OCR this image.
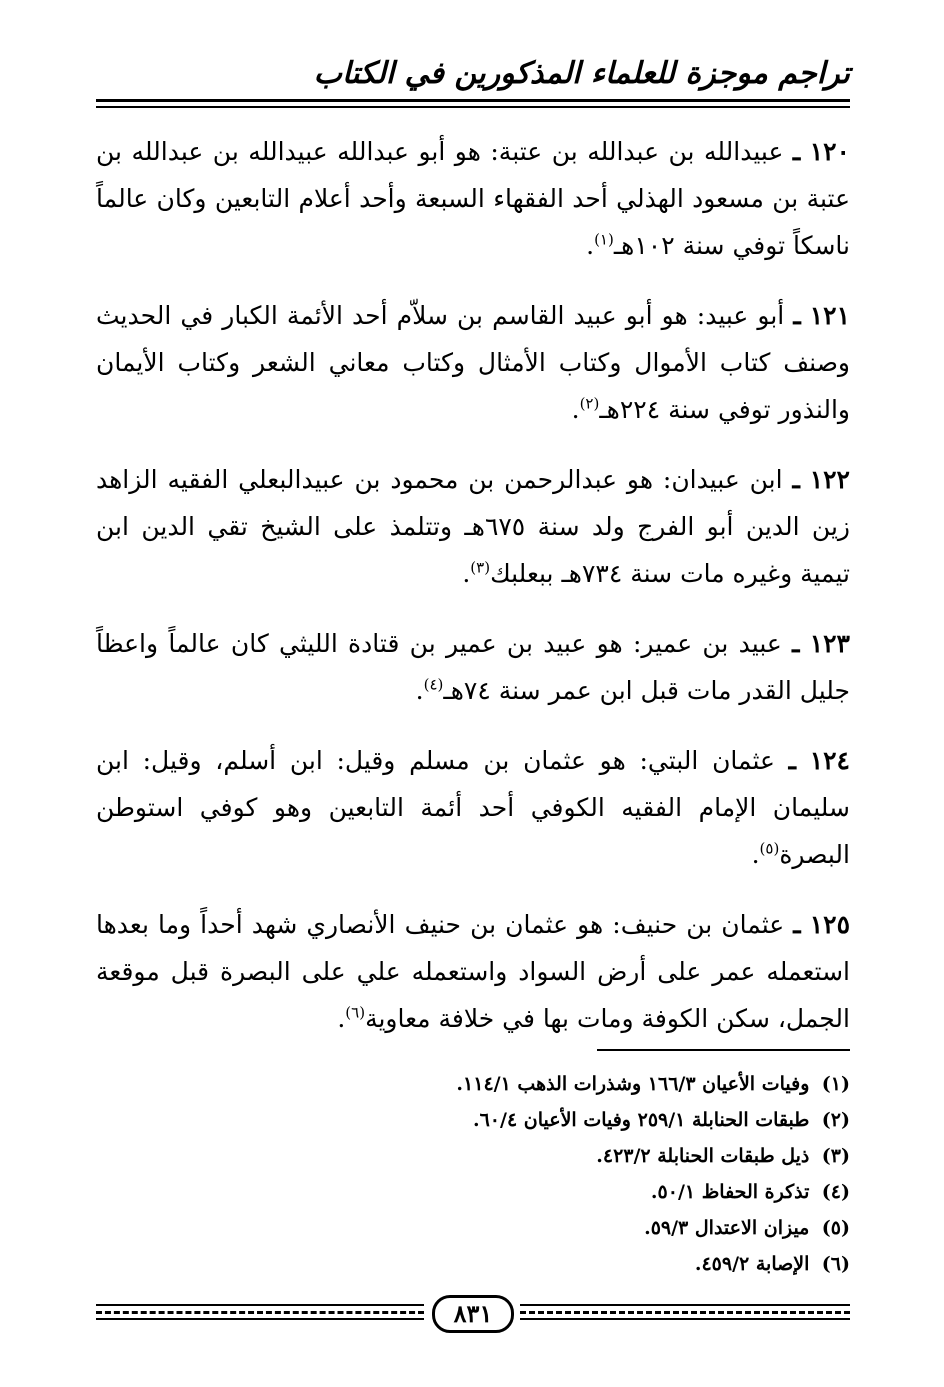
تراجم موجزة للعلماء المذكورين في الكتاب

١٢٠ ـ عبيدالله بن عبدالله بن عتبة: هو أبو عبدالله عبيدالله بن عبدالله بن عتبة بن مسعود الهذلي أحد الفقهاء السبعة وأحد أعلام التابعين وكان عالماً ناسكاً توفي سنة ١٠٢هـ$^{(١)}$.

١٢١ ـ أبو عبيد: هو أبو عبيد القاسم بن سلاّم أحد الأئمة الكبار في الحديث وصنف كتاب الأموال وكتاب الأمثال وكتاب معاني الشعر وكتاب الأيمان والنذور توفي سنة ٢٢٤هـ$^{(٢)}$.

١٢٢ ـ ابن عبيدان: هو عبدالرحمن بن محمود بن عبيدالبعلي الفقيه الزاهد زين الدين أبو الفرج ولد سنة ٦٧٥هـ وتتلمذ على الشيخ تقي الدين ابن تيمية وغيره مات سنة ٧٣٤هـ ببعلبك$^{(٣)}$.

١٢٣ ـ عبيد بن عمير: هو عبيد بن عمير بن قتادة الليثي كان عالماً واعظاً جليل القدر مات قبل ابن عمر سنة ٧٤هـ$^{(٤)}$.

١٢٤ ـ عثمان البتي: هو عثمان بن مسلم وقيل: ابن أسلم، وقيل: ابن سليمان الإمام الفقيه الكوفي أحد أئمة التابعين وهو كوفي استوطن البصرة$^{(٥)}$.

١٢٥ ـ عثمان بن حنيف: هو عثمان بن حنيف الأنصاري شهد أحداً وما بعدها استعمله عمر على أرض السواد واستعمله علي على البصرة قبل موقعة الجمل، سكن الكوفة ومات بها في خلافة معاوية$^{(٦)}$.

(١) وفيات الأعيان ١٦٦/٣ وشذرات الذهب ١١٤/١.
(٢) طبقات الحنابلة ٢٥٩/١ وفيات الأعيان ٦٠/٤.
(٣) ذيل طبقات الحنابلة ٤٢٣/٢.
(٤) تذكرة الحفاظ ٥٠/١.
(٥) ميزان الاعتدال ٥٩/٣.
(٦) الإصابة ٤٥٩/٢.
٨٣١
